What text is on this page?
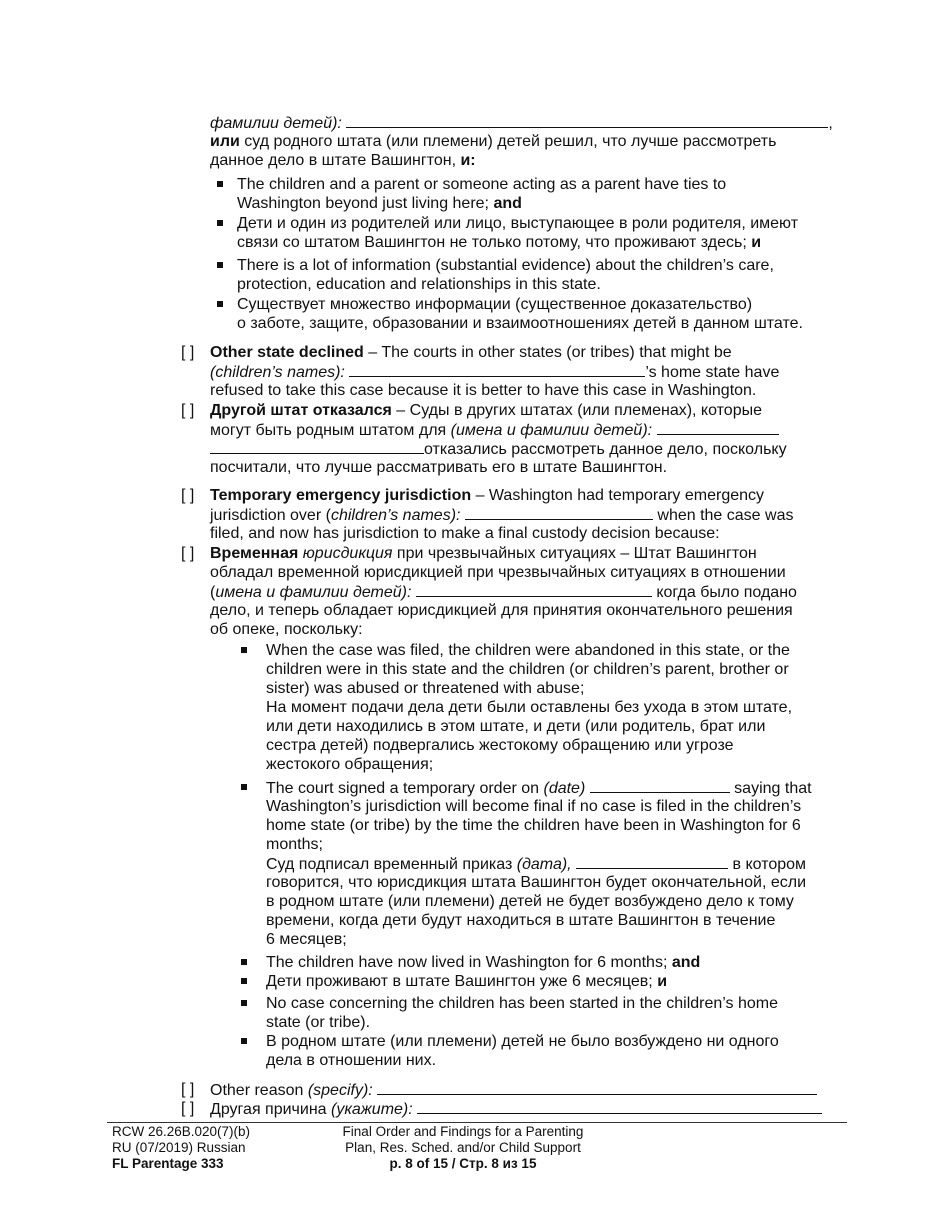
фамилии детей):	,
или суд родного штата (или племени) детей решил, что лучше рассмотреть
данное дело в штате Вашингтон, и:
The children and a parent or someone acting as a parent have ties to
Washington beyond just living here; and
Дети и один из родителей или лицо, выступающее в роли родителя, имеют
связи со штатом Вашингтон не только потому, что проживают здесь; и
There is a lot of information (substantial evidence) about the children’s care,
protection, education and relationships in this state.
Существует множество информации (существенное доказательство)
о заботе, защите, образовании и взаимоотношениях детей в данном штате.
[ ] Other state declined – The courts in other states (or tribes) that might be
(children’s names):	’s home state have
refused to take this case because it is better to have this case in Washington.
[ ] Другой штат отказался – Суды в других штатах (или племенах), которые
могут быть родным штатом для (имена и фамилии детей):
отказались рассмотреть данное дело, поскольку
посчитали, что лучше рассматривать его в штате Вашингтон.
[ ] Temporary emergency jurisdiction – Washington had temporary emergency
jurisdiction over (children’s names):	when the case was
filed, and now has jurisdiction to make a final custody decision because:
[ ] Временная юрисдикция при чрезвычайных ситуациях – Штат Вашингтон
обладал временной юрисдикцией при чрезвычайных ситуациях в отношении
(имена и фамилии детей):	когда было подано
дело, и теперь обладает юрисдикцией для принятия окончательного решения
об опеке, поскольку:
When the case was filed, the children were abandoned in this state, or the
children were in this state and the children (or children’s parent, brother or
sister) was abused or threatened with abuse;
На момент подачи дела дети были оставлены без ухода в этом штате,
или дети находились в этом штате, и дети (или родитель, брат или
сестра детей) подвергались жестокому обращению или угрозе
жестокого обращения;
The court signed a temporary order on (date)	saying that
Washington’s jurisdiction will become final if no case is filed in the children’s
home state (or tribe) by the time the children have been in Washington for 6
months;
Суд подписал временный приказ (дата),	в котором
говорится, что юрисдикция штата Вашингтон будет окончательной, если
в родном штате (или племени) детей не будет возбуждено дело к тому
времени, когда дети будут находиться в штате Вашингтон в течение
6 месяцев;
The children have now lived in Washington for 6 months; and
Дети проживают в штате Вашингтон уже 6 месяцев; и
No case concerning the children has been started in the children’s home
state (or tribe).
В родном штате (или племени) детей не было возбуждено ни одного
дела в отношении них.
[ ] Other reason (specify):
[ ] Другая причина (укажите):
RCW 26.26B.020(7)(b)
RU (07/2019) Russian
FL Parentage 333
Final Order and Findings for a Parenting
Plan, Res. Sched. and/or Child Support
p. 8 of 15 / Стр. 8 из 15
